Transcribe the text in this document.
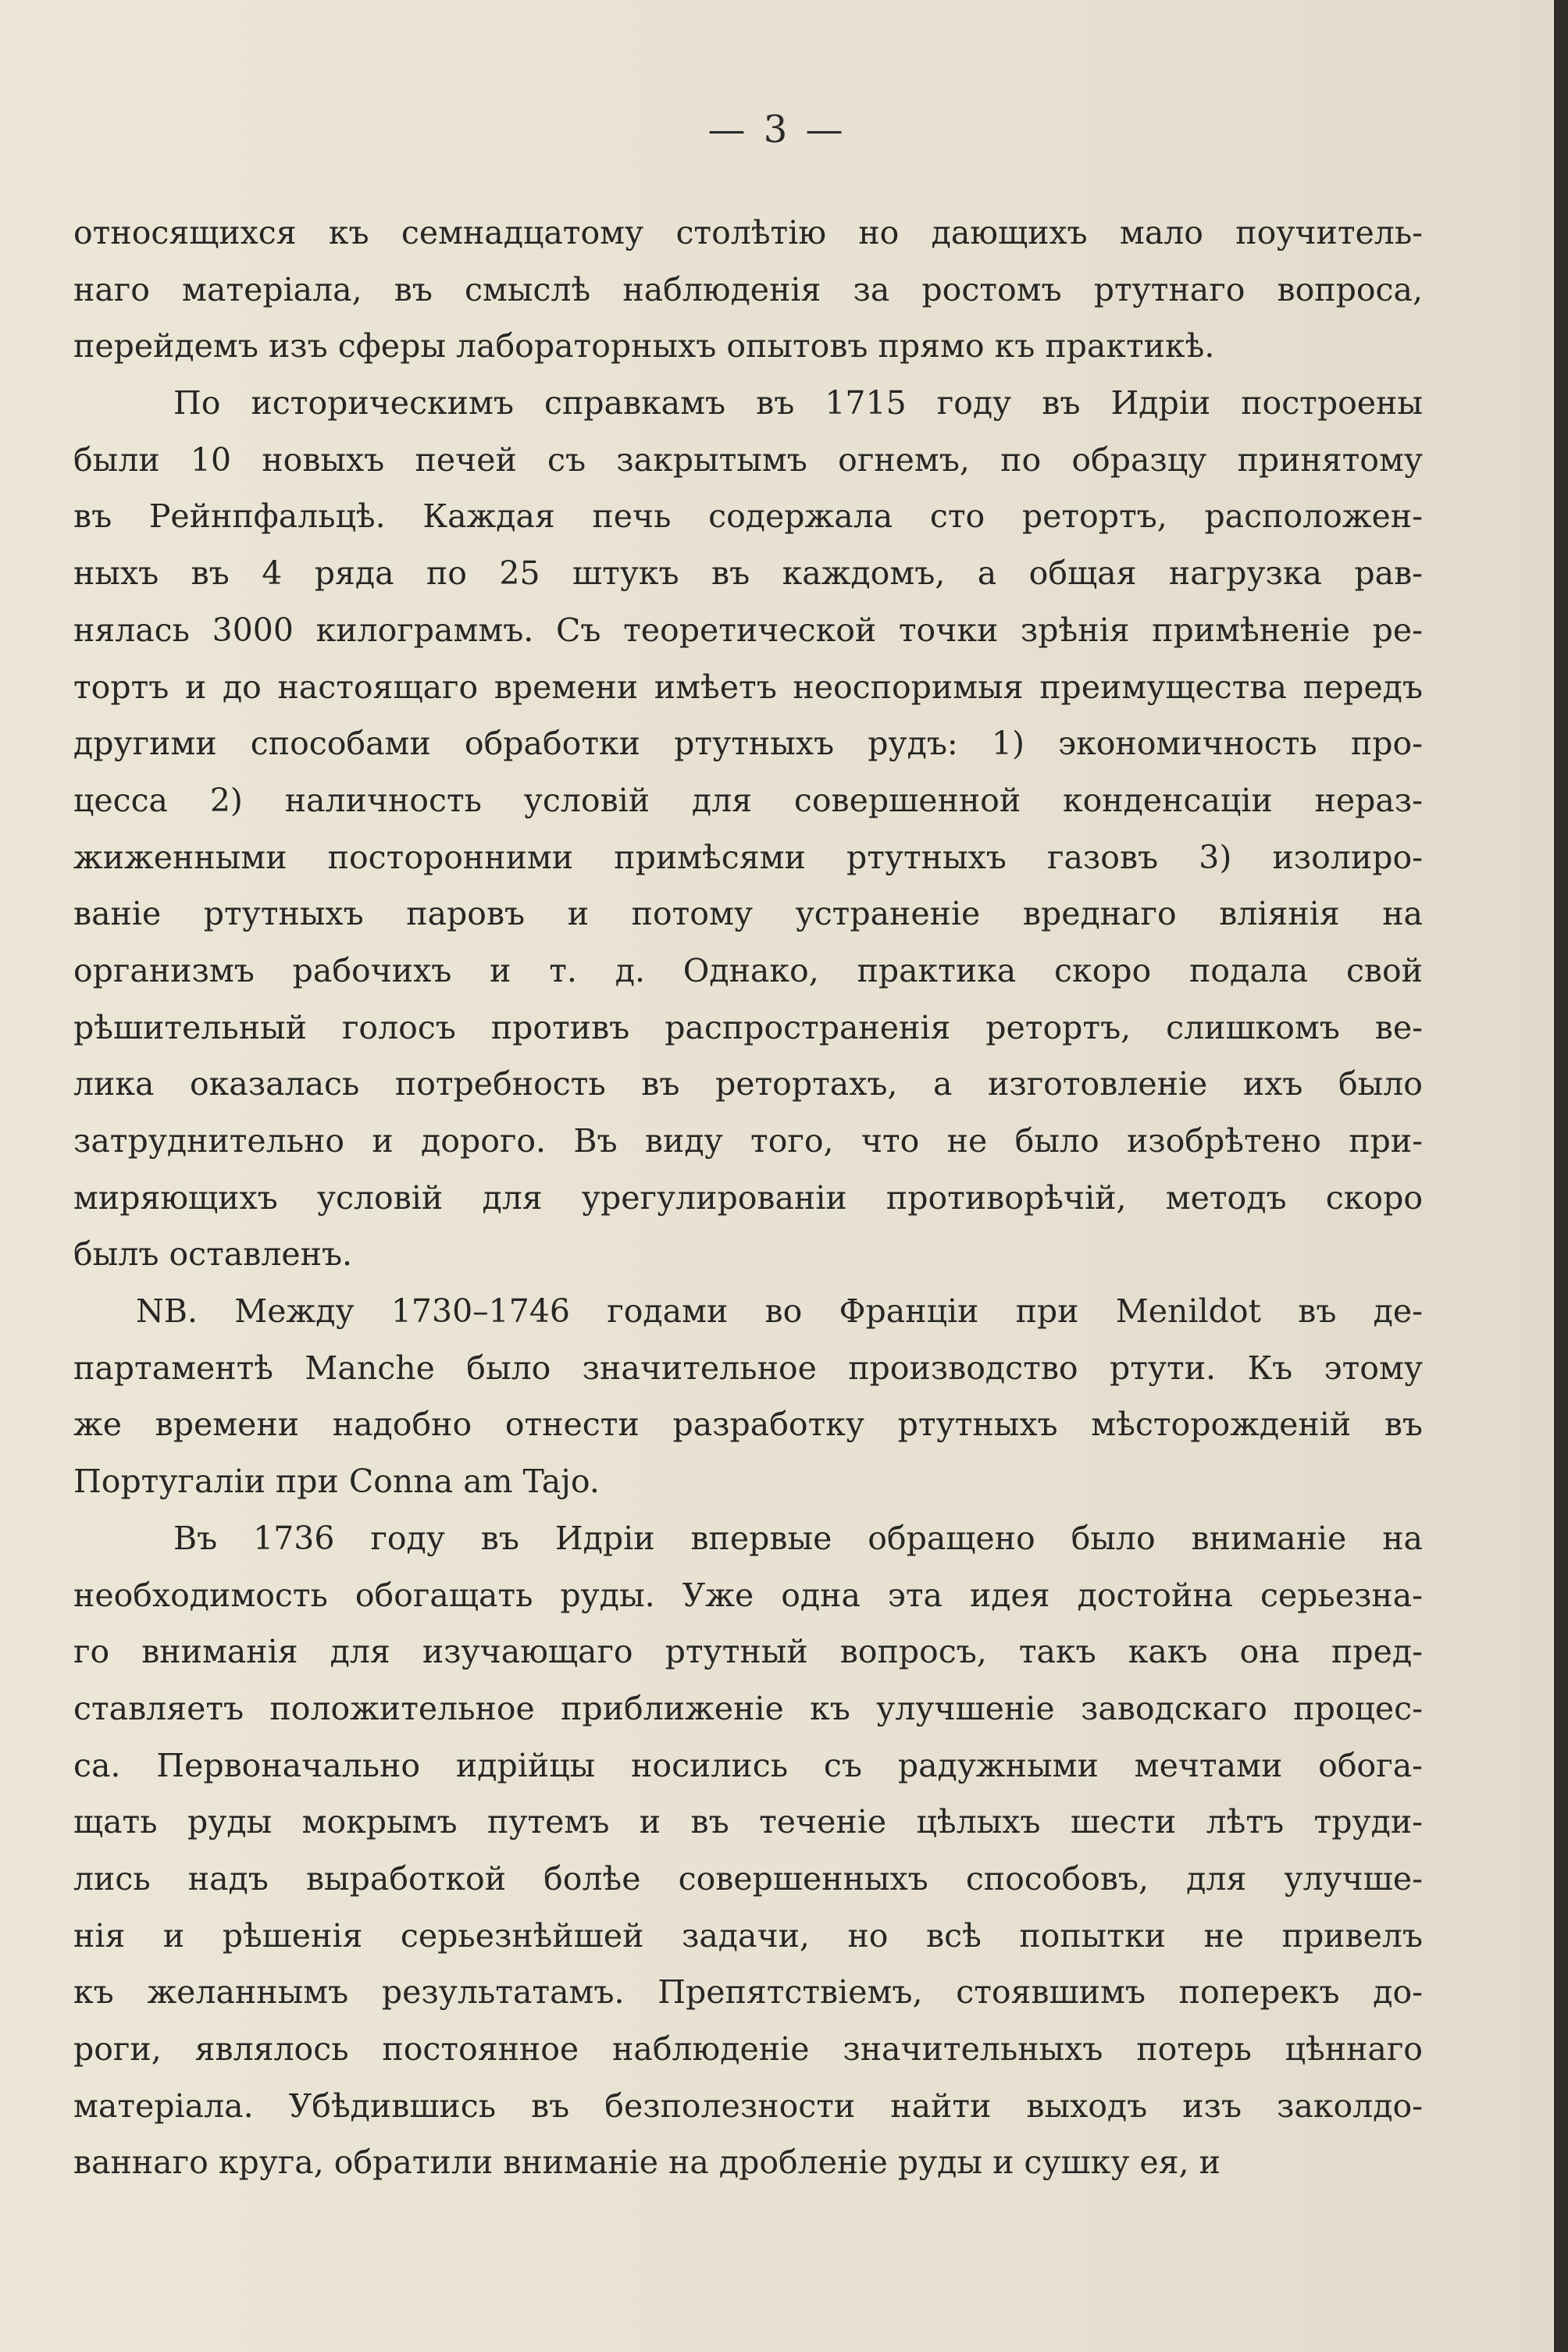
— 3 —

относящихся къ семнадцатому столѣтію но дающихъ мало поучитель-
наго матеріала, въ смыслѣ наблюденія за ростомъ ртутнаго вопроса,
перейдемъ изъ сферы лабораторныхъ опытовъ прямо къ практикѣ.

По историческимъ справкамъ въ 1715 году въ Идріи построены
были 10 новыхъ печей съ закрытымъ огнемъ, по образцу принятому
въ Рейнпфальцѣ. Каждая печь содержала сто ретортъ, расположен-
ныхъ въ 4 ряда по 25 штукъ въ каждомъ, а общая нагрузка рав-
нялась 3000 килограммъ. Съ теоретической точки зрѣнія примѣненіе ре-
тортъ и до настоящаго времени имѣетъ неоспоримыя преимущества передъ
другими способами обработки ртутныхъ рудъ: 1) экономичность про-
цесса 2) наличность условій для совершенной конденсаціи нераз-
жиженными посторонними примѣсями ртутныхъ газовъ 3) изолиро-
ваніе ртутныхъ паровъ и потому устраненіе вреднаго вліянія на
организмъ рабочихъ и т. д. Однако, практика скоро подала свой
рѣшительный голосъ противъ распространенія ретортъ, слишкомъ ве-
лика оказалась потребность въ ретортахъ, а изготовленіе ихъ было
затруднительно и дорого. Въ виду того, что не было изобрѣтено при-
миряющихъ условій для урегулированіи противорѣчій, методъ скоро
былъ оставленъ.

NB. Между 1730–1746 годами во Франціи при Menildot въ де-
партаментѣ Manche было значительное производство ртути. Къ этому
же времени надобно отнести разработку ртутныхъ мѣсторожденій въ
Португаліи при Conna am Tajo.

Въ 1736 году въ Идріи впервые обращено было вниманіе на
необходимость обогащать руды. Уже одна эта идея достойна серьезна-
го вниманія для изучающаго ртутный вопросъ, такъ какъ она пред-
ставляетъ положительное приближеніе къ улучшеніе заводскаго процес-
са. Первоначально идрійцы носились съ радужными мечтами обога-
щать руды мокрымъ путемъ и въ теченіе цѣлыхъ шести лѣтъ труди-
лись надъ выработкой болѣе совершенныхъ способовъ, для улучше-
нія и рѣшенія серьезнѣйшей задачи, но всѣ попытки не привелъ
къ желаннымъ результатамъ. Препятствіемъ, стоявшимъ поперекъ до-
роги, являлось постоянное наблюденіе значительныхъ потерь цѣннаго
матеріала. Убѣдившись въ безполезности найти выходъ изъ заколдо-
ваннаго круга, обратили вниманіе на дробленіе руды и сушку ея, и
